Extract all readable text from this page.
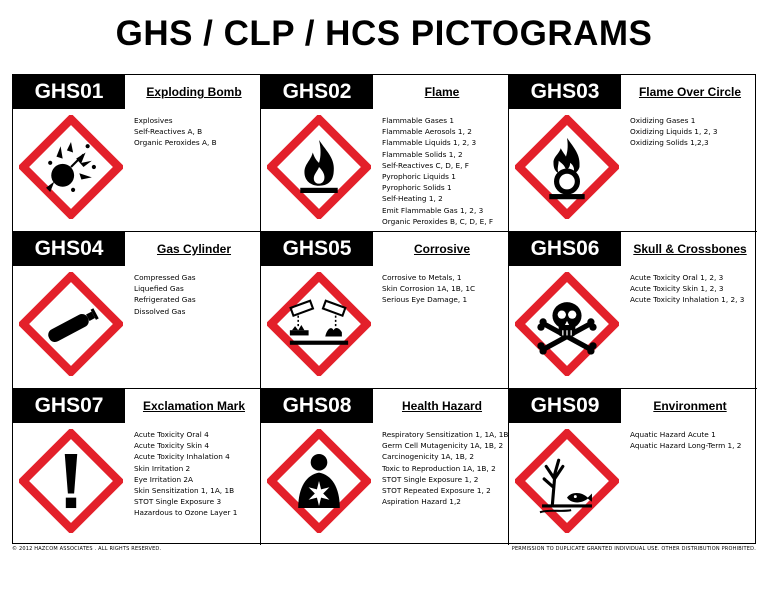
GHS / CLP / HCS PICTOGRAMS
GHS01	Exploding Bomb
Explosives
Self-Reactives A, B
Organic Peroxides A, B
GHS02	Flame
Flammable Gases 1
Flammable Aerosols 1, 2
Flammable Liquids 1, 2, 3
Flammable Solids 1, 2
Self-Reactives C, D, E, F
Pyrophoric Liquids 1
Pyrophoric Solids 1
Self-Heating 1, 2
Emit Flammable Gas 1, 2, 3
Organic Peroxides B, C, D, E, F
GHS03	Flame Over Circle
Oxidizing Gases 1
Oxidizing Liquids 1, 2, 3
Oxidizing Solids 1,2,3
GHS04	Gas Cylinder
Compressed Gas
Liquefied Gas
Refrigerated Gas
Dissolved Gas
GHS05	Corrosive
Corrosive to Metals, 1
Skin Corrosion 1A, 1B, 1C
Serious Eye Damage, 1
GHS06	Skull & Crossbones
Acute Toxicity Oral 1, 2, 3
Acute Toxicity Skin 1, 2, 3
Acute Toxicity Inhalation 1, 2, 3
GHS07	Exclamation Mark
Acute Toxicity Oral 4
Acute Toxicity Skin 4
Acute Toxicity Inhalation 4
Skin Irritation 2
Eye Irritation 2A
Skin Sensitization 1, 1A, 1B
STOT Single Exposure 3
Hazardous to Ozone Layer 1
GHS08	Health Hazard
Respiratory Sensitization 1, 1A, 1B
Germ Cell Mutagenicity 1A, 1B, 2
Carcinogenicity 1A, 1B, 2
Toxic to Reproduction 1A, 1B, 2
STOT Single Exposure 1, 2
STOT Repeated Exposure 1, 2
Aspiration Hazard 1,2
GHS09	Environment
Aquatic Hazard Acute 1
Aquatic Hazard Long-Term 1, 2
© 2012 HAZCOM ASSOCIATES . ALL RIGHTS RESERVED.	PERMISSION TO DUPLICATE GRANTED INDIVIDUAL USE. OTHER DISTRIBUTION PROHIBITED.
